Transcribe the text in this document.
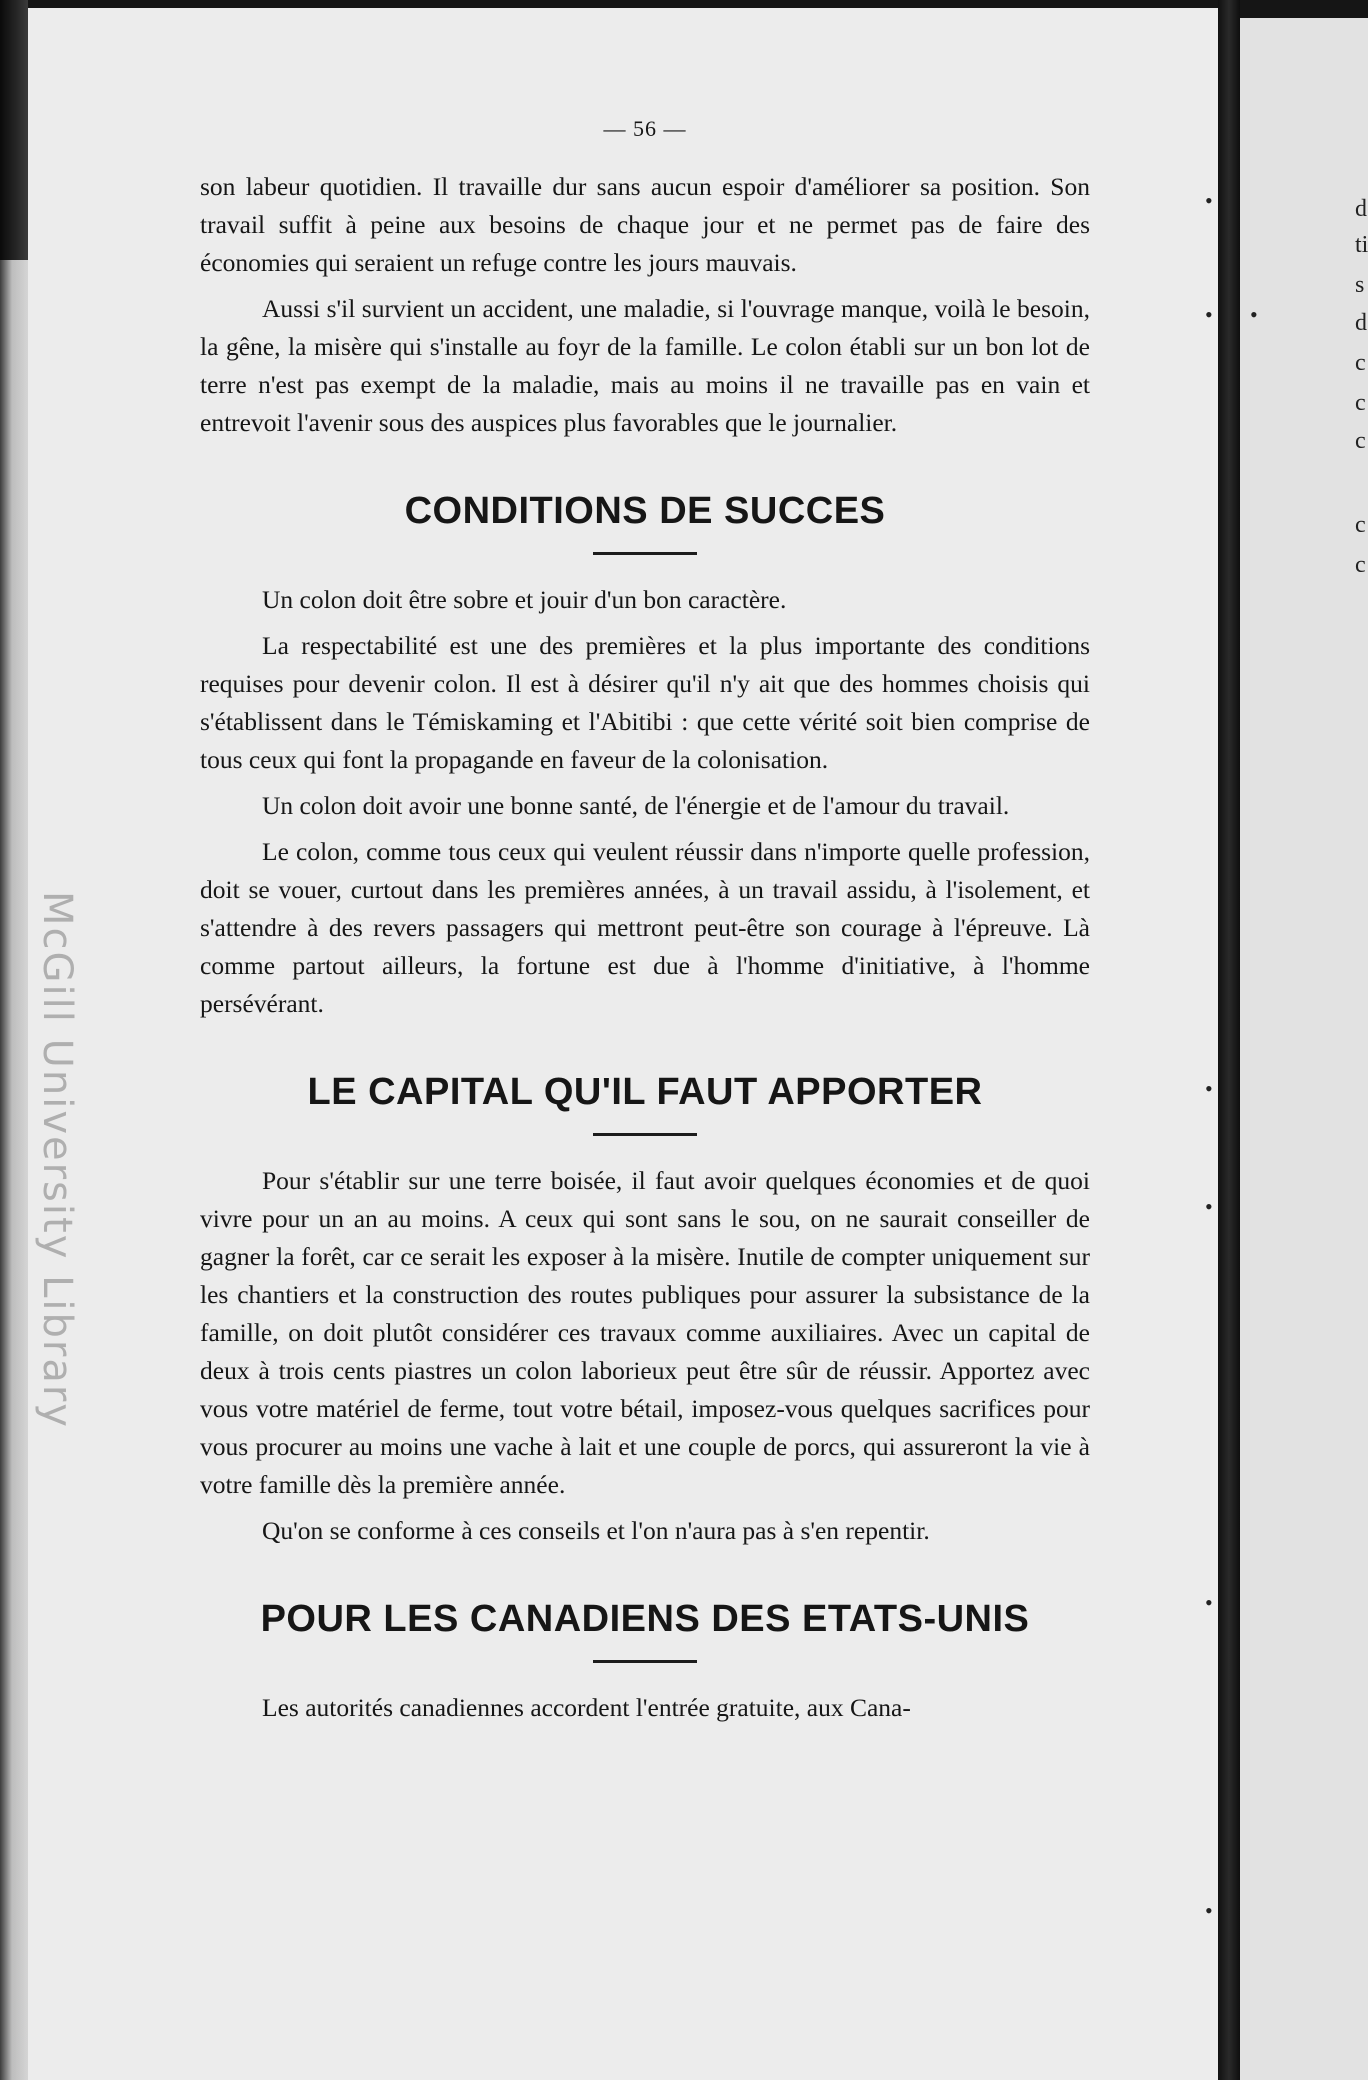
McGill University Library
d
ti
s
d
c
c
c
c
c
•
• •
•
•
•
•
— 56 —

son labeur quotidien. Il travaille dur sans aucun espoir d'améliorer sa position. Son travail suffit à peine aux besoins de chaque jour et ne permet pas de faire des économies qui seraient un refuge contre les jours mauvais.

Aussi s'il survient un accident, une maladie, si l'ouvrage manque, voilà le besoin, la gêne, la misère qui s'installe au foyr de la famille. Le colon établi sur un bon lot de terre n'est pas exempt de la maladie, mais au moins il ne travaille pas en vain et entrevoit l'avenir sous des auspices plus favorables que le journalier.

CONDITIONS DE SUCCES

Un colon doit être sobre et jouir d'un bon caractère.

La respectabilité est une des premières et la plus importante des conditions requises pour devenir colon. Il est à désirer qu'il n'y ait que des hommes choisis qui s'établissent dans le Témiskaming et l'Abitibi : que cette vérité soit bien comprise de tous ceux qui font la propagande en faveur de la colonisation.

Un colon doit avoir une bonne santé, de l'énergie et de l'amour du travail.

Le colon, comme tous ceux qui veulent réussir dans n'importe quelle profession, doit se vouer, curtout dans les premières années, à un travail assidu, à l'isolement, et s'attendre à des revers passagers qui mettront peut-être son courage à l'épreuve. Là comme partout ailleurs, la fortune est due à l'homme d'initiative, à l'homme persévérant.

LE CAPITAL QU'IL FAUT APPORTER

Pour s'établir sur une terre boisée, il faut avoir quelques économies et de quoi vivre pour un an au moins. A ceux qui sont sans le sou, on ne saurait conseiller de gagner la forêt, car ce serait les exposer à la misère. Inutile de compter uniquement sur les chantiers et la construction des routes publiques pour assurer la subsistance de la famille, on doit plutôt considérer ces travaux comme auxiliaires. Avec un capital de deux à trois cents piastres un colon laborieux peut être sûr de réussir. Apportez avec vous votre matériel de ferme, tout votre bétail, imposez-vous quelques sacrifices pour vous procurer au moins une vache à lait et une couple de porcs, qui assureront la vie à votre famille dès la première année.

Qu'on se conforme à ces conseils et l'on n'aura pas à s'en repentir.

POUR LES CANADIENS DES ETATS-UNIS

Les autorités canadiennes accordent l'entrée gratuite, aux Cana-
